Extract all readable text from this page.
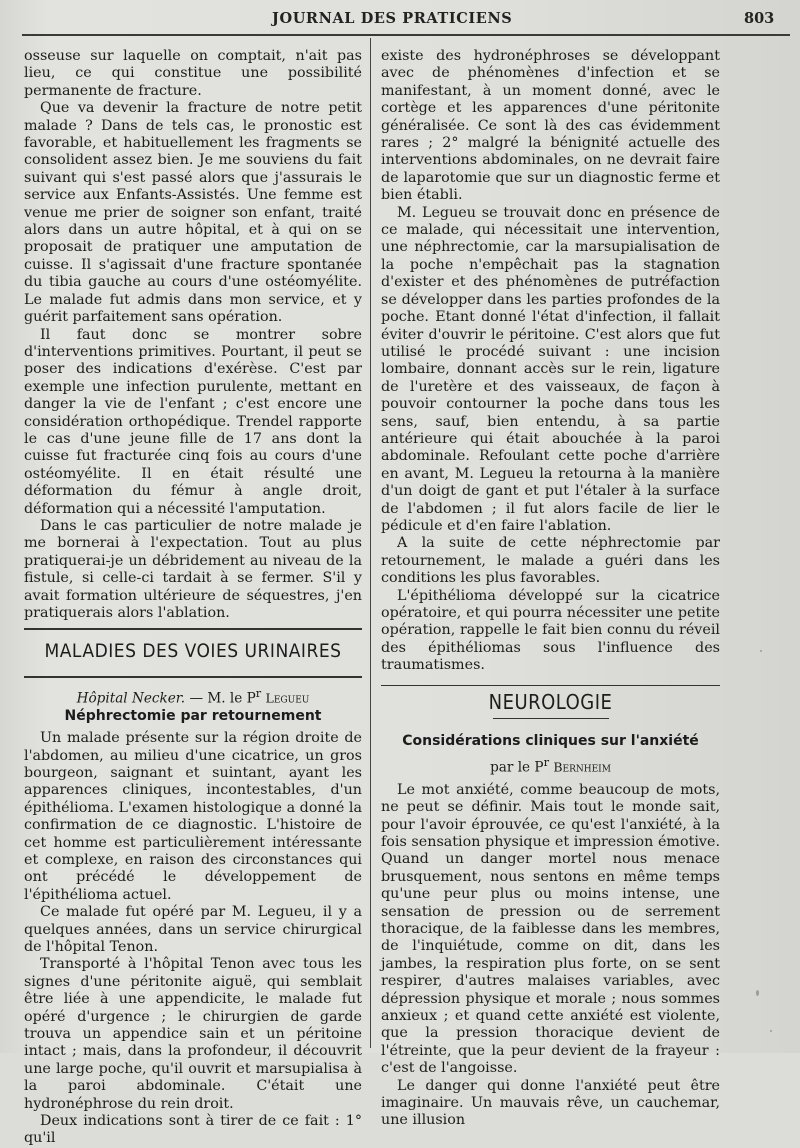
JOURNAL DES PRATICIENS	803

osseuse sur laquelle on comptait, n'ait pas lieu, ce qui constitue une possibilité permanente de fracture.

Que va devenir la fracture de notre petit malade ? Dans de tels cas, le pronostic est favorable, et habituellement les fragments se consolident assez bien. Je me souviens du fait suivant qui s'est passé alors que j'assurais le service aux Enfants-Assistés. Une femme est venue me prier de soigner son enfant, traité alors dans un autre hôpital, et à qui on se proposait de pratiquer une amputation de cuisse. Il s'agissait d'une fracture spontanée du tibia gauche au cours d'une ostéomyélite. Le malade fut admis dans mon service, et y guérit parfaitement sans opération.

Il faut donc se montrer sobre d'interventions primitives. Pourtant, il peut se poser des indications d'exérèse. C'est par exemple une infection purulente, mettant en danger la vie de l'enfant ; c'est encore une considération orthopédique. Trendel rapporte le cas d'une jeune fille de 17 ans dont la cuisse fut fracturée cinq fois au cours d'une ostéomyélite. Il en était résulté une déformation du fémur à angle droit, déformation qui a nécessité l'amputation.

Dans le cas particulier de notre malade je me bornerai à l'expectation. Tout au plus pratiquerai-je un débridement au niveau de la fistule, si celle-ci tardait à se fermer. S'il y avait formation ultérieure de séquestres, j'en pratiquerais alors l'ablation.

MALADIES DES VOIES URINAIRES
Hôpital Necker. — M. le $P^r$ Legueu
Néphrectomie par retournement

Un malade présente sur la région droite de l'abdomen, au milieu d'une cicatrice, un gros bourgeon, saignant et suintant, ayant les apparences cliniques, incontestables, d'un épithélioma. L'examen histologique a donné la confirmation de ce diagnostic. L'histoire de cet homme est particulièrement intéressante et complexe, en raison des circonstances qui ont précédé le développement de l'épithélioma actuel.

Ce malade fut opéré par M. Legueu, il y a quelques années, dans un service chirurgical de l'hôpital Tenon.

Transporté à l'hôpital Tenon avec tous les signes d'une péritonite aiguë, qui semblait être liée à une appendicite, le malade fut opéré d'urgence ; le chirurgien de garde trouva un appendice sain et un péritoine intact ; mais, dans la profondeur, il découvrit une large poche, qu'il ouvrit et marsupialisa à la paroi abdominale. C'était une hydronéphrose du rein droit.

Deux indications sont à tirer de ce fait : 1° qu'il

existe des hydronéphroses se développant avec de phénomènes d'infection et se manifestant, à un moment donné, avec le cortège et les apparences d'une péritonite généralisée. Ce sont là des cas évidemment rares ; 2° malgré la bénignité actuelle des interventions abdominales, on ne devrait faire de laparotomie que sur un diagnostic ferme et bien établi.

M. Legueu se trouvait donc en présence de ce malade, qui nécessitait une intervention, une néphrectomie, car la marsupialisation de la poche n'empêchait pas la stagnation d'exister et des phénomènes de putréfaction se développer dans les parties profondes de la poche. Etant donné l'état d'infection, il fallait éviter d'ouvrir le péritoine. C'est alors que fut utilisé le procédé suivant : une incision lombaire, donnant accès sur le rein, ligature de l'uretère et des vaisseaux, de façon à pouvoir contourner la poche dans tous les sens, sauf, bien entendu, à sa partie antérieure qui était abouchée à la paroi abdominale. Refoulant cette poche d'arrière en avant, M. Legueu la retourna à la manière d'un doigt de gant et put l'étaler à la surface de l'abdomen ; il fut alors facile de lier le pédicule et d'en faire l'ablation.

A la suite de cette néphrectomie par retournement, le malade a guéri dans les conditions les plus favorables.

L'épithélioma développé sur la cicatrice opératoire, et qui pourra nécessiter une petite opération, rappelle le fait bien connu du réveil des épithéliomas sous l'influence des traumatismes.

NEUROLOGIE
Considérations cliniques sur l'anxiété
par le $P^r$ Bernheim

Le mot anxiété, comme beaucoup de mots, ne peut se définir. Mais tout le monde sait, pour l'avoir éprouvée, ce qu'est l'anxiété, à la fois sensation physique et impression émotive. Quand un danger mortel nous menace brusquement, nous sentons en même temps qu'une peur plus ou moins intense, une sensation de pression ou de serrement thoracique, de la faiblesse dans les membres, de l'inquiétude, comme on dit, dans les jambes, la respiration plus forte, on se sent respirer, d'autres malaises variables, avec dépression physique et morale ; nous sommes anxieux ; et quand cette anxiété est violente, que la pression thoracique devient de l'étreinte, que la peur devient de la frayeur : c'est de l'angoisse.

Le danger qui donne l'anxiété peut être imaginaire. Un mauvais rêve, un cauchemar, une illusion
